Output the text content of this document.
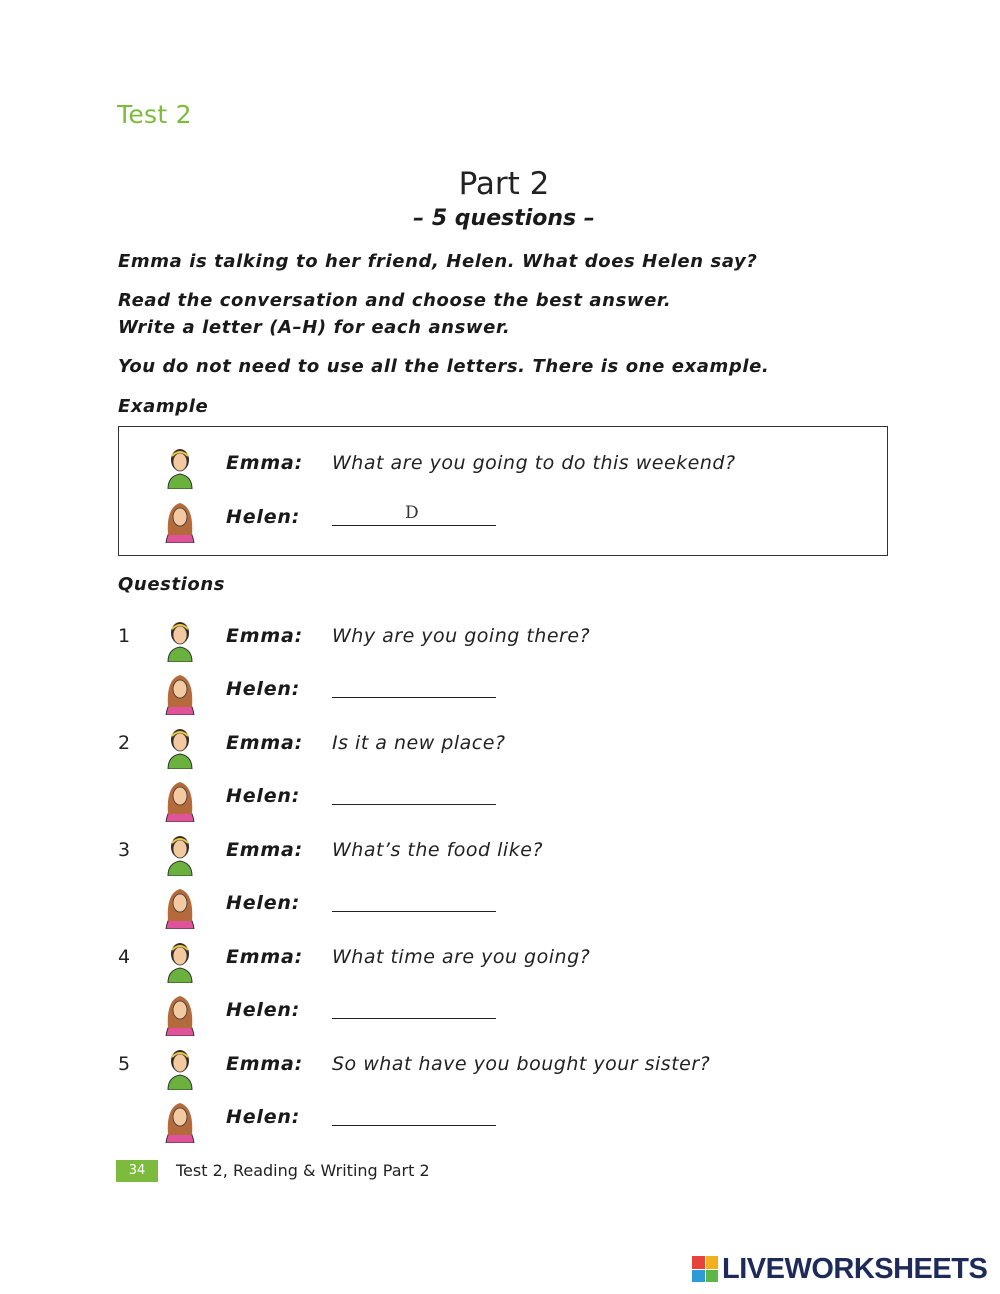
Test 2
Part 2
– 5 questions –
Emma is talking to her friend, Helen. What does Helen say?
Read the conversation and choose the best answer.
Write a letter (A–H) for each answer.
You do not need to use all the letters. There is one example.
Example
Emma: What are you going to do this weekend?
Helen:	D
Questions
1	Emma: Why are you going there?
Helen:
2	Emma: Is it a new place?
Helen:
3	Emma: What’s the food like?
Helen:
4	Emma: What time are you going?
Helen:
5	Emma: So what have you bought your sister?
Helen:
34	Test 2, Reading & Writing Part 2
LIVEWORKSHEETS
